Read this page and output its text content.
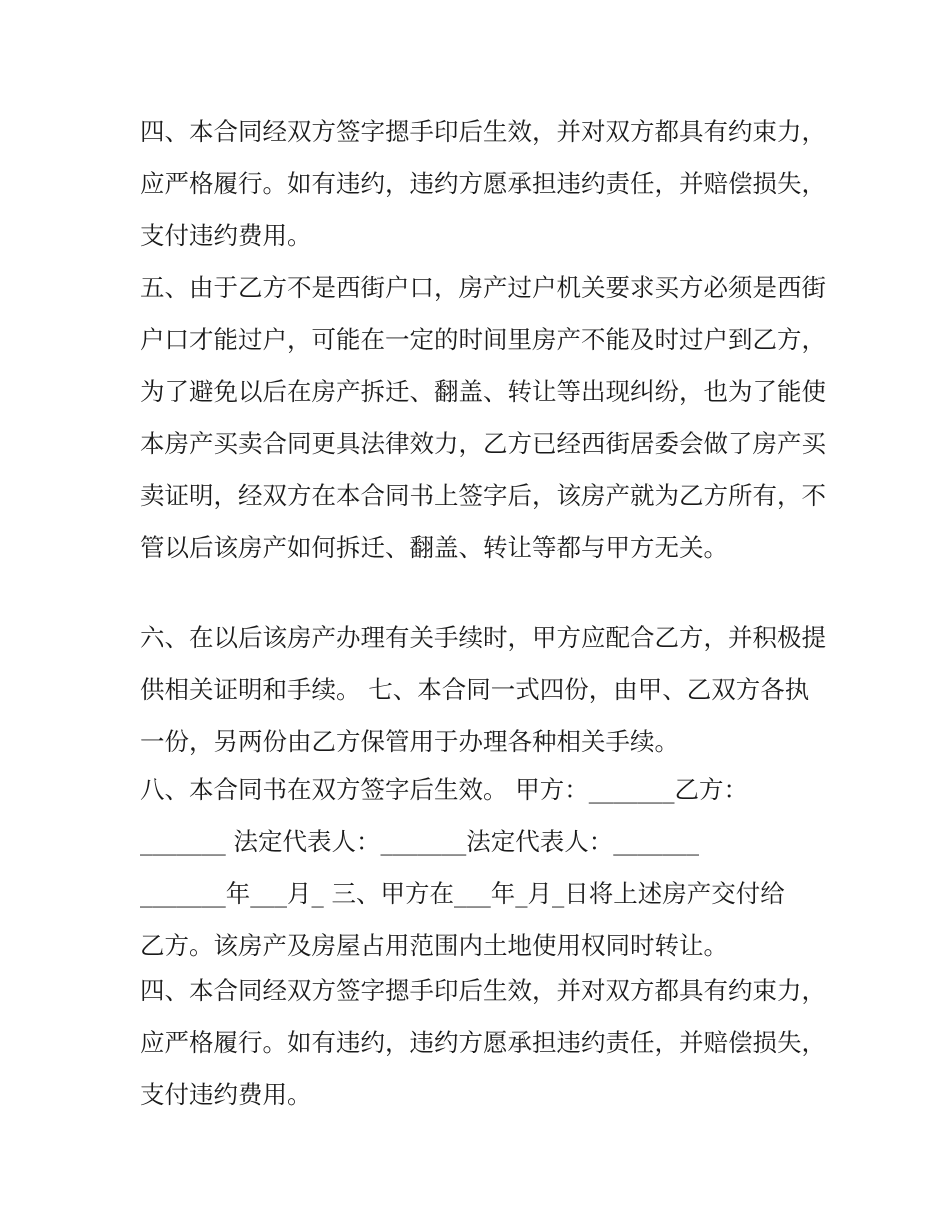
四、本合同经双方签字摁手印后生效，并对双方都具有约束力，应严格履行。如有违约，违约方愿承担违约责任，并赔偿损失，支付违约费用。

五、由于乙方不是西街户口，房产过户机关要求买方必须是西街户口才能过户，可能在一定的时间里房产不能及时过户到乙方，为了避免以后在房产拆迁、翻盖、转让等出现纠纷，也为了能使本房产买卖合同更具法律效力，乙方已经西街居委会做了房产买卖证明，经双方在本合同书上签字后，该房产就为乙方所有，不管以后该房产如何拆迁、翻盖、转让等都与甲方无关。

六、在以后该房产办理有关手续时，甲方应配合乙方，并积极提供相关证明和手续。 七、本合同一式四份，由甲、乙双方各执一份，另两份由乙方保管用于办理各种相关手续。

八、本合同书在双方签字后生效。 甲方：_______乙方：
_______ 法定代表人：_______法定代表人：_______
_______年___月_ 三、甲方在___年_月_日将上述房产交付给
乙方。该房产及房屋占用范围内土地使用权同时转让。

四、本合同经双方签字摁手印后生效，并对双方都具有约束力，应严格履行。如有违约，违约方愿承担违约责任，并赔偿损失，支付违约费用。
